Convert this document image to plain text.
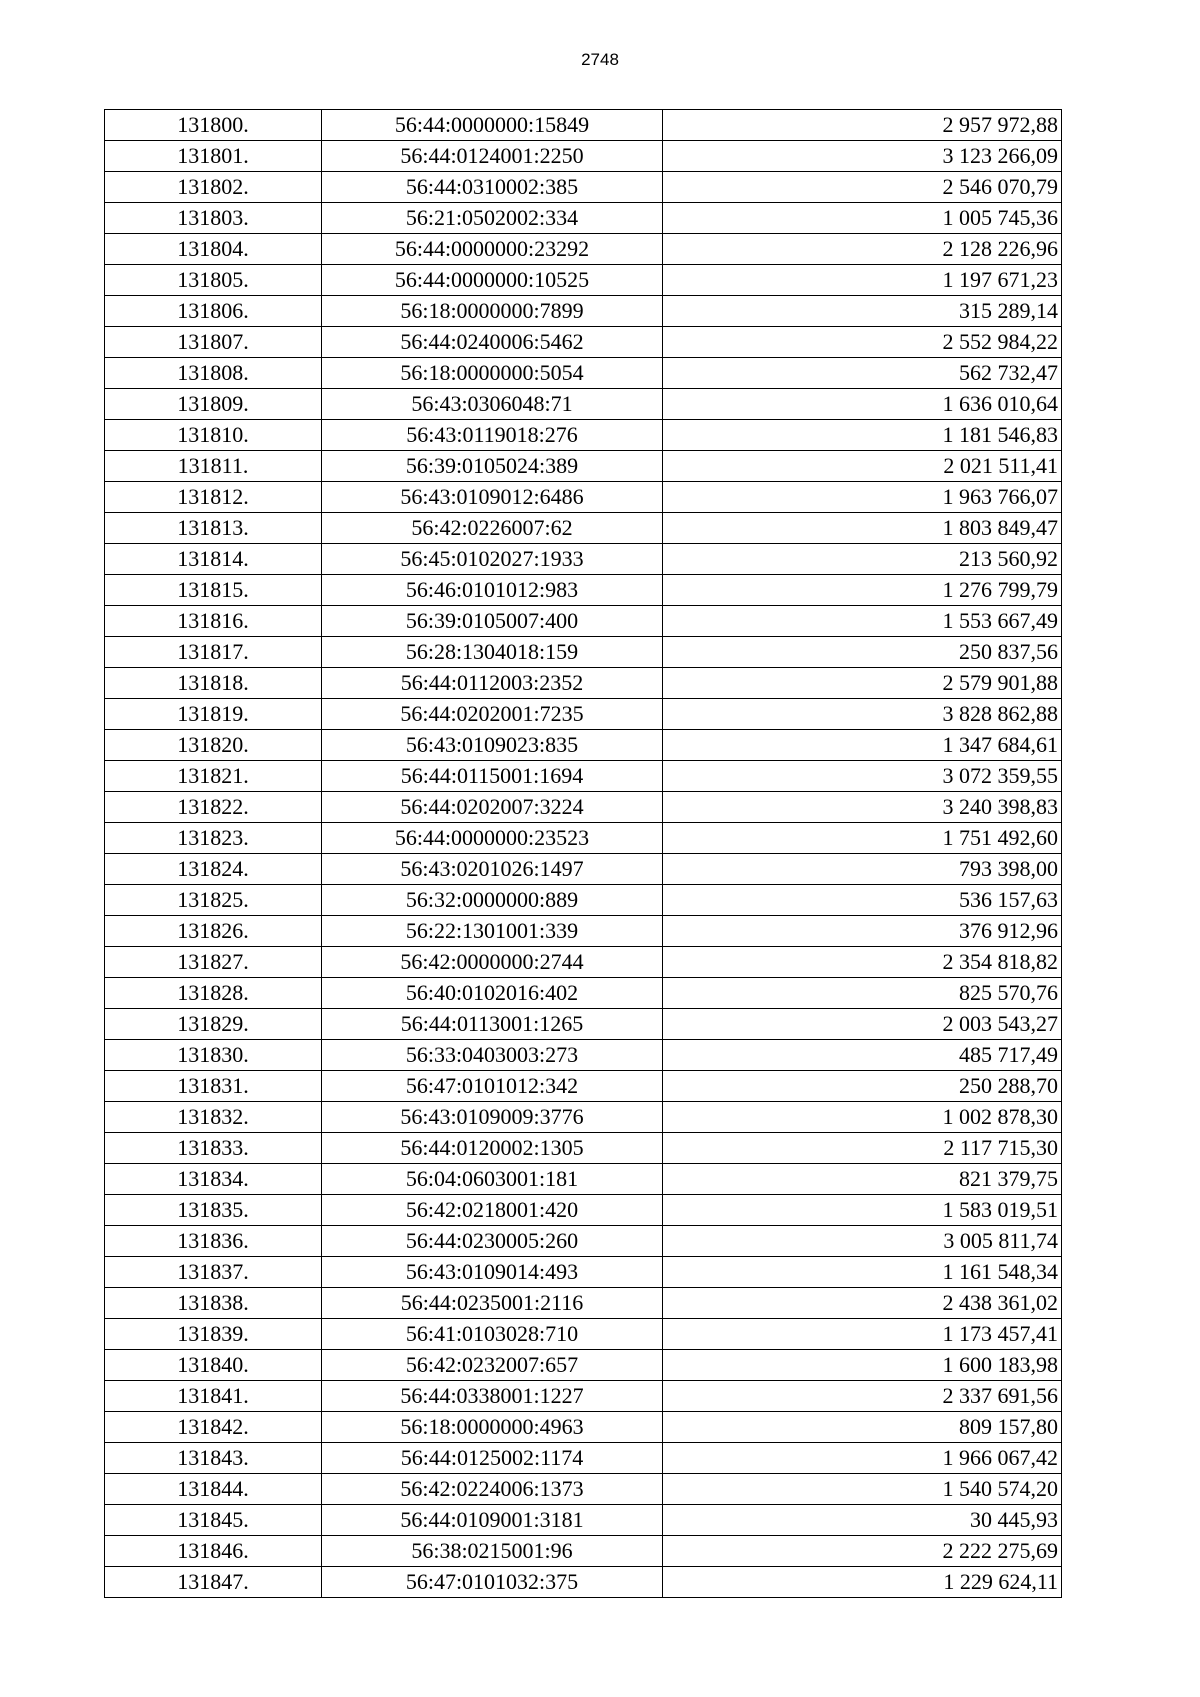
2748
131800.	56:44:0000000:15849	2 957 972,88
131801.	56:44:0124001:2250	3 123 266,09
131802.	56:44:0310002:385	2 546 070,79
131803.	56:21:0502002:334	1 005 745,36
131804.	56:44:0000000:23292	2 128 226,96
131805.	56:44:0000000:10525	1 197 671,23
131806.	56:18:0000000:7899	315 289,14
131807.	56:44:0240006:5462	2 552 984,22
131808.	56:18:0000000:5054	562 732,47
131809.	56:43:0306048:71	1 636 010,64
131810.	56:43:0119018:276	1 181 546,83
131811.	56:39:0105024:389	2 021 511,41
131812.	56:43:0109012:6486	1 963 766,07
131813.	56:42:0226007:62	1 803 849,47
131814.	56:45:0102027:1933	213 560,92
131815.	56:46:0101012:983	1 276 799,79
131816.	56:39:0105007:400	1 553 667,49
131817.	56:28:1304018:159	250 837,56
131818.	56:44:0112003:2352	2 579 901,88
131819.	56:44:0202001:7235	3 828 862,88
131820.	56:43:0109023:835	1 347 684,61
131821.	56:44:0115001:1694	3 072 359,55
131822.	56:44:0202007:3224	3 240 398,83
131823.	56:44:0000000:23523	1 751 492,60
131824.	56:43:0201026:1497	793 398,00
131825.	56:32:0000000:889	536 157,63
131826.	56:22:1301001:339	376 912,96
131827.	56:42:0000000:2744	2 354 818,82
131828.	56:40:0102016:402	825 570,76
131829.	56:44:0113001:1265	2 003 543,27
131830.	56:33:0403003:273	485 717,49
131831.	56:47:0101012:342	250 288,70
131832.	56:43:0109009:3776	1 002 878,30
131833.	56:44:0120002:1305	2 117 715,30
131834.	56:04:0603001:181	821 379,75
131835.	56:42:0218001:420	1 583 019,51
131836.	56:44:0230005:260	3 005 811,74
131837.	56:43:0109014:493	1 161 548,34
131838.	56:44:0235001:2116	2 438 361,02
131839.	56:41:0103028:710	1 173 457,41
131840.	56:42:0232007:657	1 600 183,98
131841.	56:44:0338001:1227	2 337 691,56
131842.	56:18:0000000:4963	809 157,80
131843.	56:44:0125002:1174	1 966 067,42
131844.	56:42:0224006:1373	1 540 574,20
131845.	56:44:0109001:3181	30 445,93
131846.	56:38:0215001:96	2 222 275,69
131847.	56:47:0101032:375	1 229 624,11
